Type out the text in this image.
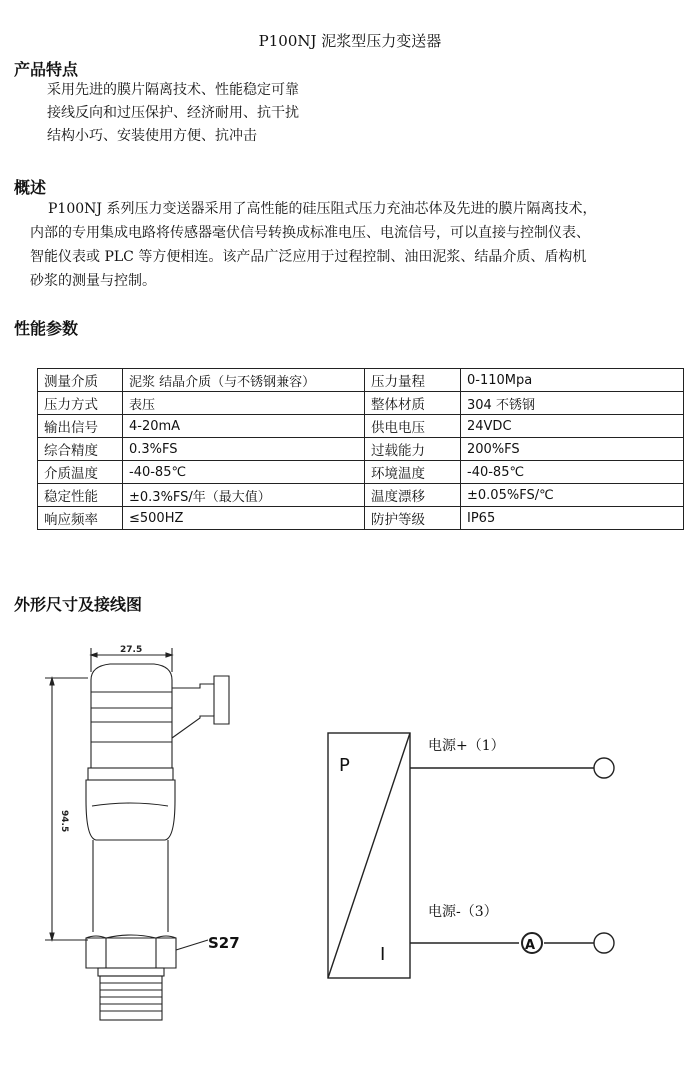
P100NJ 泥浆型压力变送器
产品特点
采用先进的膜片隔离技术、性能稳定可靠
接线反向和过压保护、经济耐用、抗干扰
结构小巧、安装使用方便、抗冲击
概述
P100NJ 系列压力变送器采用了高性能的硅压阻式压力充油芯体及先进的膜片隔离技术，
内部的专用集成电路将传感器毫伏信号转换成标准电压、电流信号，可以直接与控制仪表、
智能仪表或 PLC 等方便相连。该产品广泛应用于过程控制、油田泥浆、结晶介质、盾构机
砂浆的测量与控制。
性能参数
测量介质	泥浆 结晶介质（与不锈钢兼容）	压力量程	0-110Mpa
压力方式	表压	整体材质	304 不锈钢
输出信号	4-20mA	供电电压	24VDC
综合精度	0.3%FS	过载能力	200%FS
介质温度	-40-85℃	环境温度	-40-85℃
稳定性能	±0.3%FS/年（最大值）	温度漂移	±0.05%FS/℃
响应频率	≤500HZ	防护等级	IP65
外形尺寸及接线图
27.5
94.5
S27
P
I	A
电源+（1）
电源-（3）
